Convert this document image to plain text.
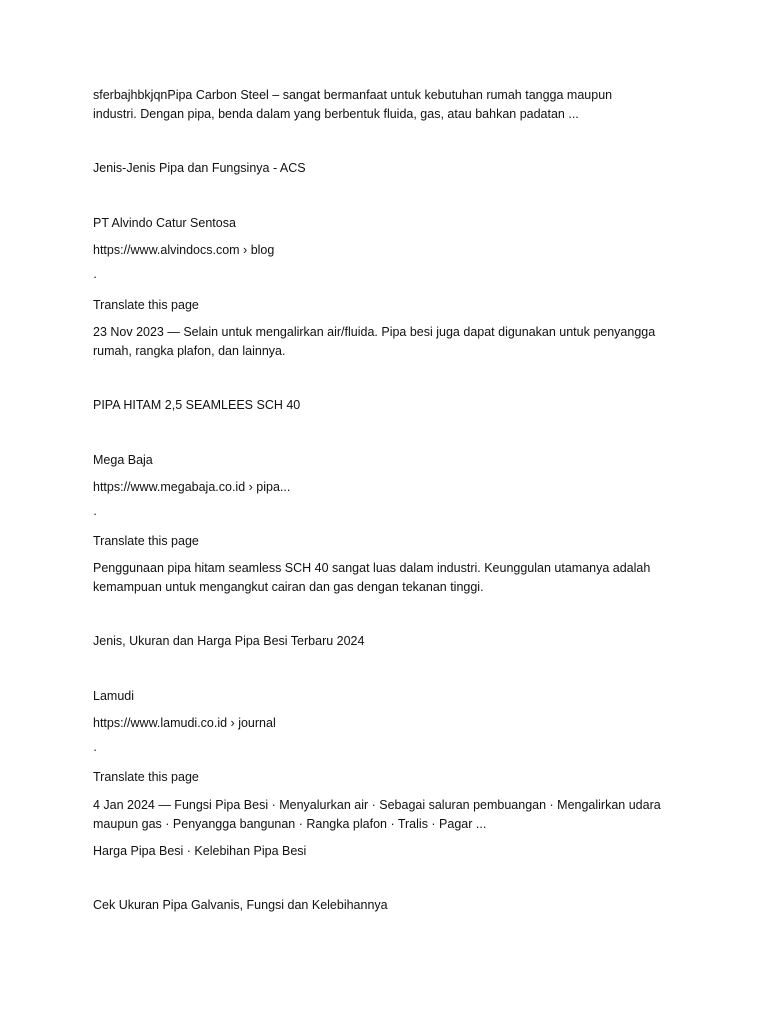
sferbajhbkjqnPipa Carbon Steel – sangat bermanfaat untuk kebutuhan rumah tangga maupun
industri. Dengan pipa, benda dalam yang berbentuk fluida, gas, atau bahkan padatan ...
Jenis-Jenis Pipa dan Fungsinya - ACS
PT Alvindo Catur Sentosa
https://www.alvindocs.com › blog
·
Translate this page
23 Nov 2023 — Selain untuk mengalirkan air/fluida. Pipa besi juga dapat digunakan untuk penyangga
rumah, rangka plafon, dan lainnya.
PIPA HITAM 2,5 SEAMLEES SCH 40
Mega Baja
https://www.megabaja.co.id › pipa...
·
Translate this page
Penggunaan pipa hitam seamless SCH 40 sangat luas dalam industri. Keunggulan utamanya adalah
kemampuan untuk mengangkut cairan dan gas dengan tekanan tinggi.
Jenis, Ukuran dan Harga Pipa Besi Terbaru 2024
Lamudi
https://www.lamudi.co.id › journal
·
Translate this page
4 Jan 2024 — Fungsi Pipa Besi · Menyalurkan air · Sebagai saluran pembuangan · Mengalirkan udara
maupun gas · Penyangga bangunan · Rangka plafon · Tralis · Pagar ...
Harga Pipa Besi · Kelebihan Pipa Besi
Cek Ukuran Pipa Galvanis, Fungsi dan Kelebihannya
